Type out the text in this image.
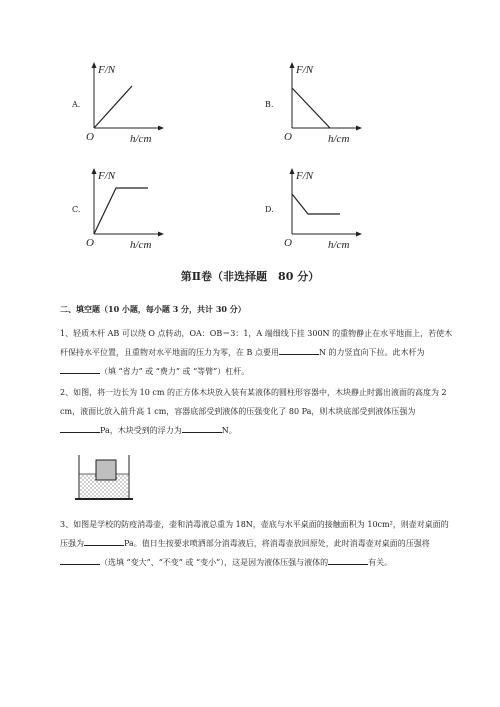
A.
F/N
h/cm
O
B.
F/N
h/cm
O
C.
F/N
h/cm
O
D.
F/N
h/cm
O
第Ⅱ卷（非选择题　80 分）
二、填空题（10 小题，每小题 3 分，共计 30 分）
1、轻质木杆 AB 可以绕 O 点转动，OA：OB＝3：1，A 端细线下挂 300N 的重物静止在水平地面上，若使木杆保持水平位置，且重物对水平地面的压力为零，在 B 点要用	N 的力竖直向下拉。此木杆为（填 “省力” 或 “费力” 或 “等臂”）杠杆。
2、如图，将一边长为 10 cm 的正方体木块放入装有某液体的圆柱形容器中，木块静止时露出液面的高度为 2 cm，液面比放入前升高 1 cm，容器底部受到液体的压强变化了 80 Pa，则木块底部受到液体压强为Pa，木块受到的浮力为	N。
3、如图是学校的防疫消毒壶，壶和消毒液总重为 18N，壶底与水平桌面的接触面积为 10cm²，则壶对桌面的压强为	Pa。值日生按要求喷洒部分消毒液后，将消毒壶放回原处，此时消毒壶对桌面的压强将（选填 “变大”、“不变” 或 “变小”），这是因为液体压强与液体的	有关。
